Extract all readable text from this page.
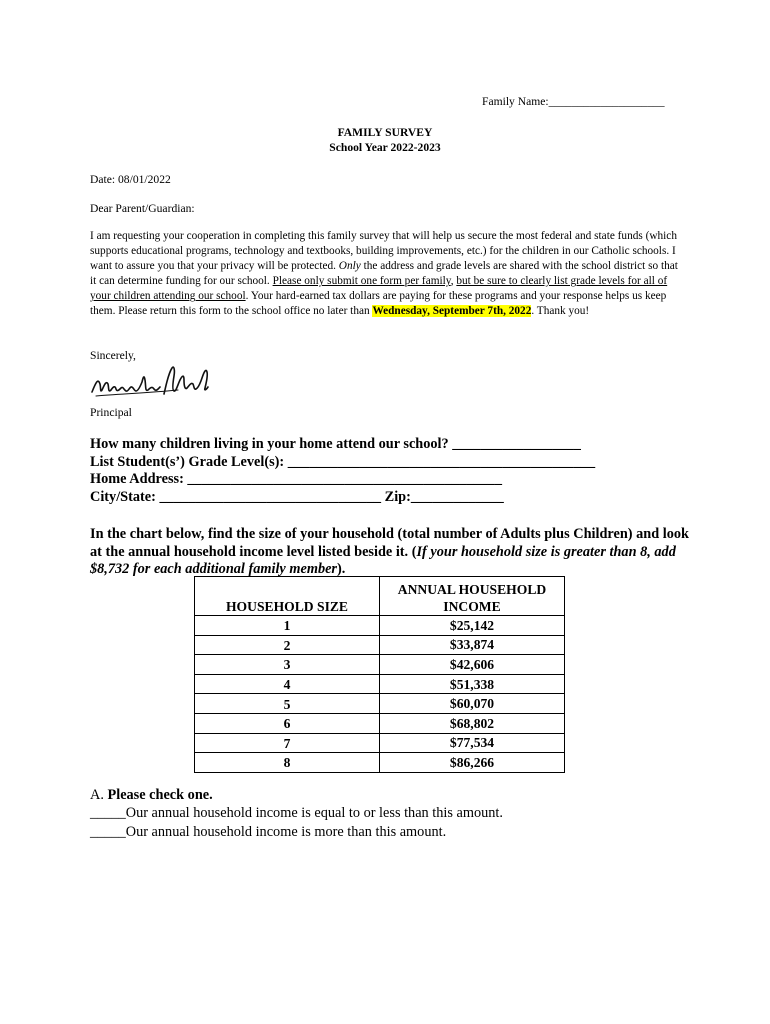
Family Name:____________________
FAMILY SURVEY
School Year 2022-2023
Date: 08/01/2022
Dear Parent/Guardian:
I am requesting your cooperation in completing this family survey that will help us secure the most federal and state funds (which supports educational programs, technology and textbooks, building improvements, etc.) for the children in our Catholic schools. I want to assure you that your privacy will be protected. Only the address and grade levels are shared with the school district so that it can determine funding for our school. Please only submit one form per family, but be sure to clearly list grade levels for all of your children attending our school. Your hard-earned tax dollars are paying for these programs and your response helps us keep them. Please return this form to the school office no later than Wednesday, September 7th, 2022. Thank you!
Sincerely,
Principal
How many children living in your home attend our school? __________________
List Student(s’) Grade Level(s): ___________________________________________
Home Address: ____________________________________________
City/State: _______________________________ Zip:_____________
In the chart below, find the size of your household (total number of Adults plus Children) and look at the annual household income level listed beside it. (If your household size is greater than 8, add $8,732 for each additional family member).
HOUSEHOLD SIZE	ANNUAL HOUSEHOLD
INCOME

1	$25,142
2	$33,874
3	$42,606
4	$51,338
5	$60,070
6	$68,802
7	$77,534
8	$86,266
A. Please check one.
_____Our annual household income is equal to or less than this amount.
_____Our annual household income is more than this amount.
